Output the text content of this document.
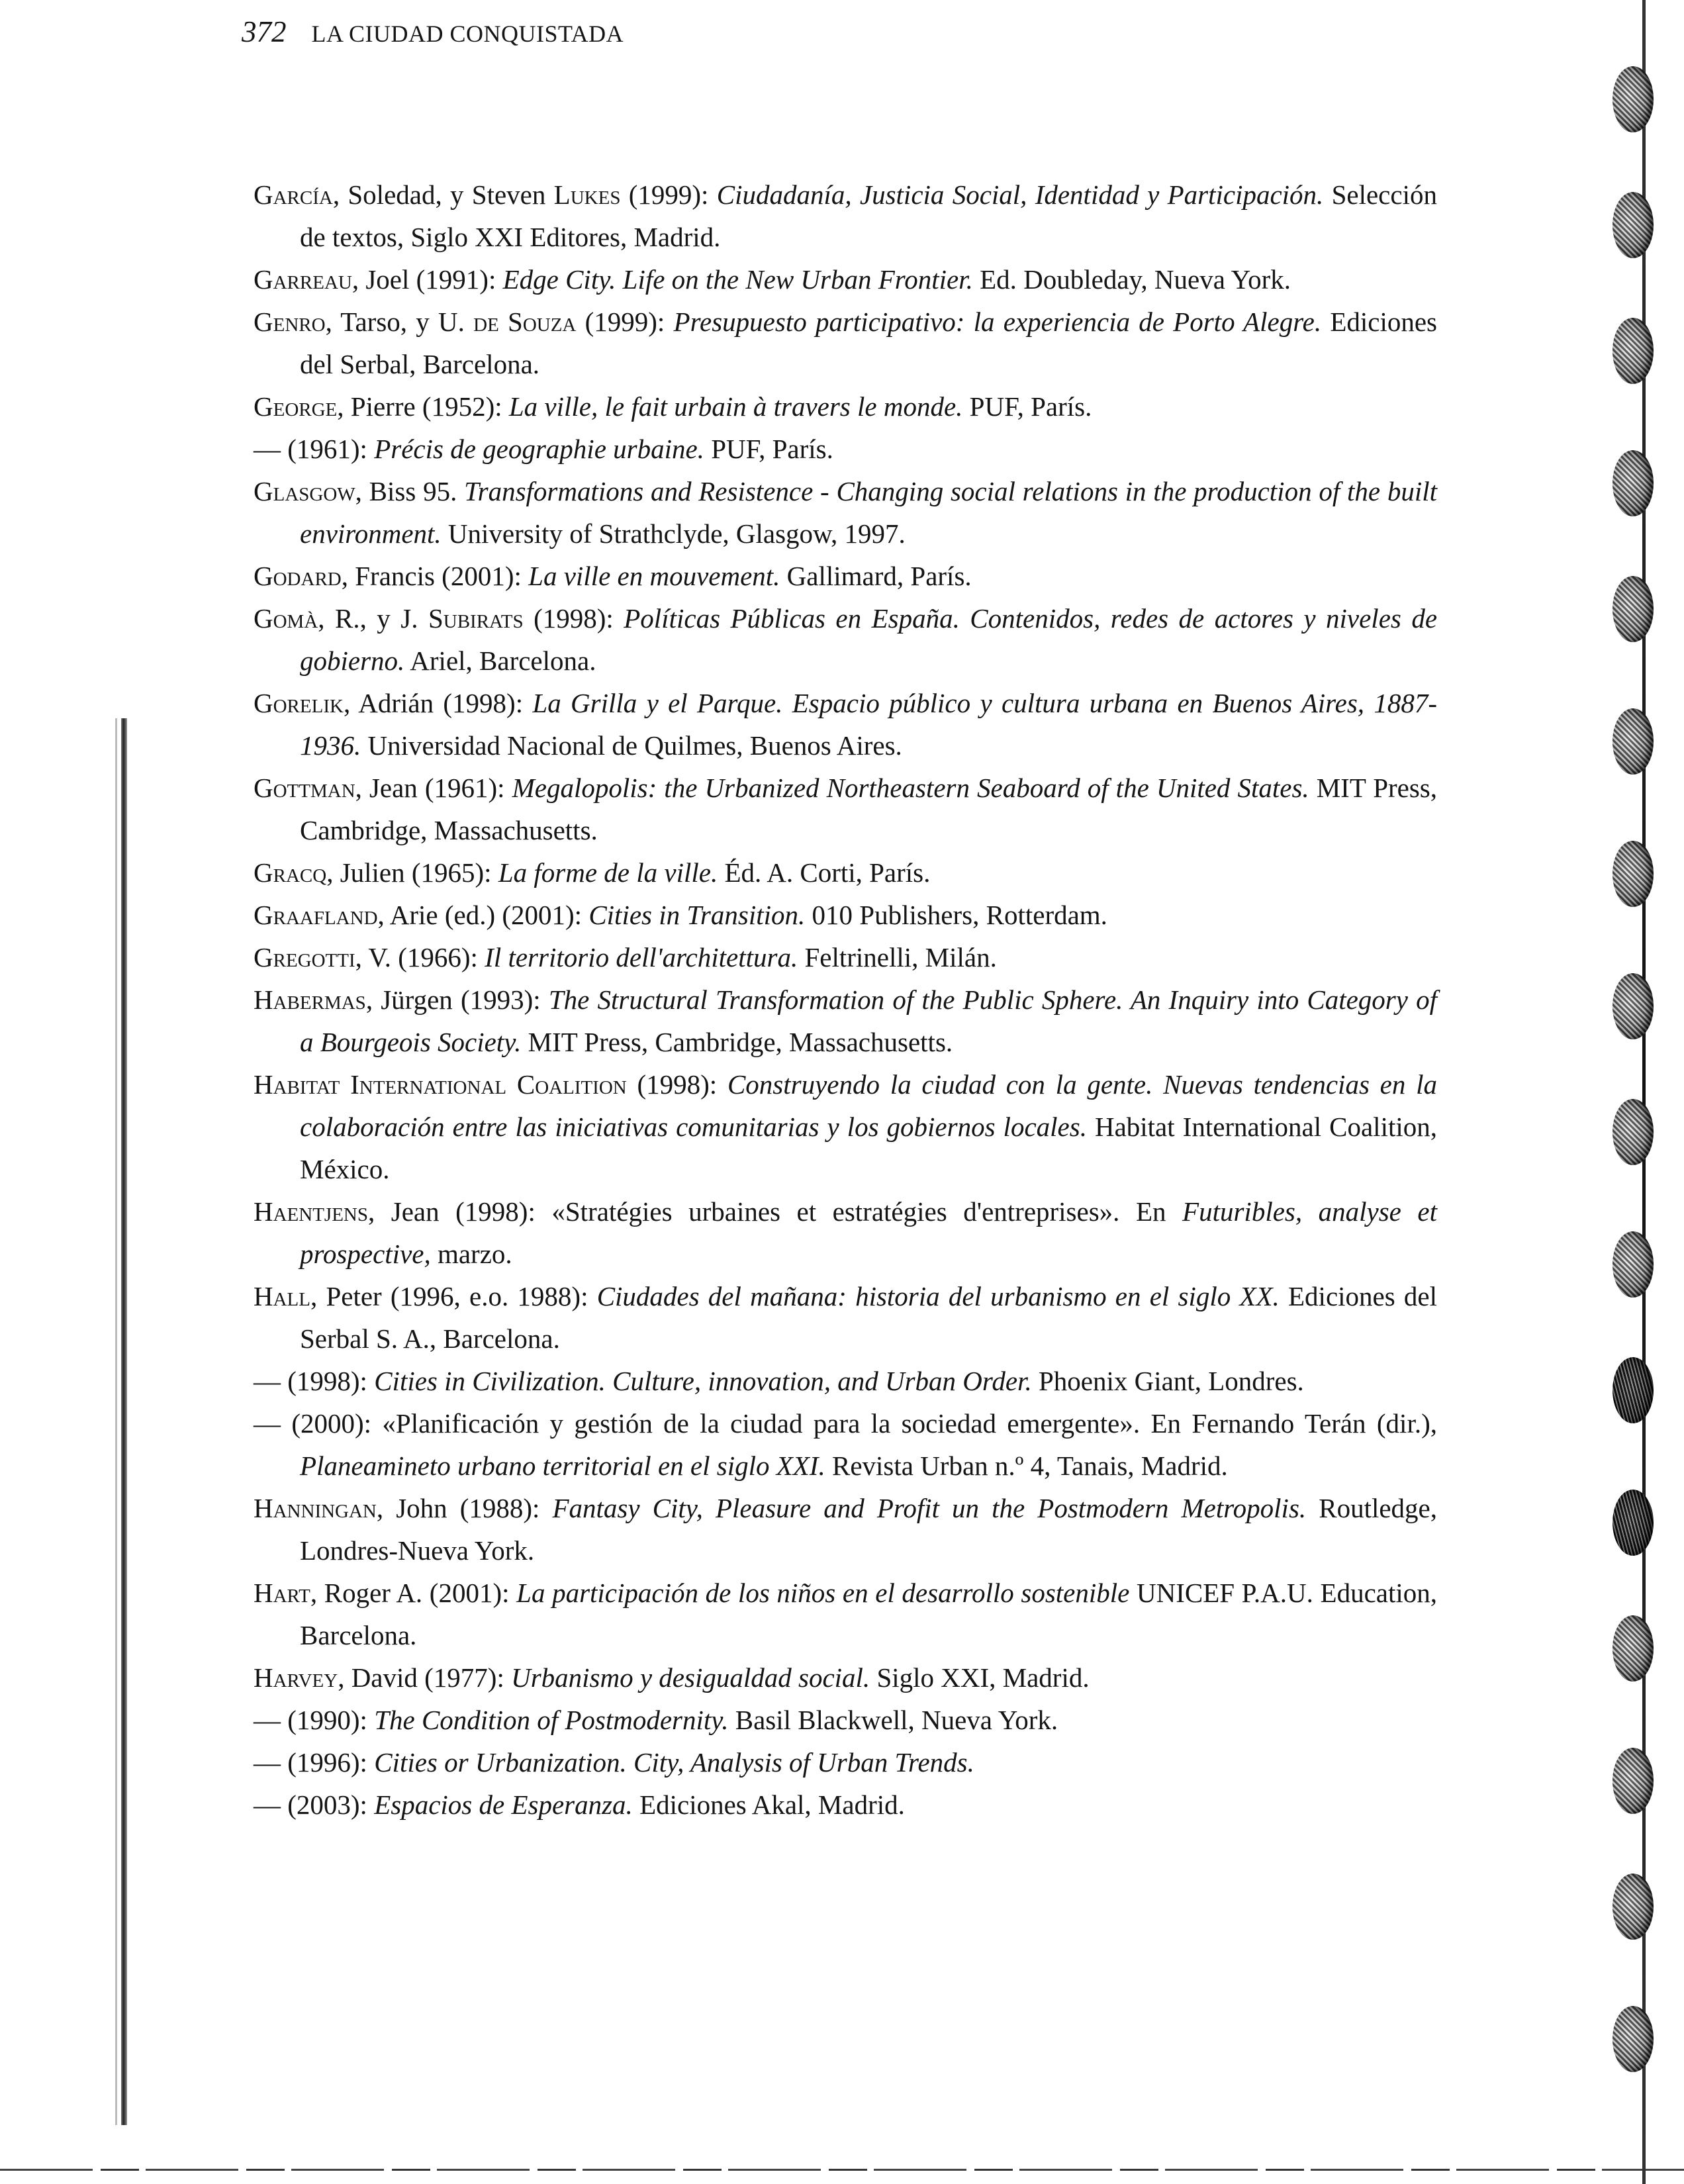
372 LA CIUDAD CONQUISTADA

García, Soledad, y Steven Lukes (1999): Ciudadanía, Justicia Social, Identidad y Participación. Selección de textos, Siglo XXI Editores, Madrid.

Garreau, Joel (1991): Edge City. Life on the New Urban Frontier. Ed. Doubleday, Nueva York.

Genro, Tarso, y U. de Souza (1999): Presupuesto participativo: la experiencia de Porto Alegre. Ediciones del Serbal, Barcelona.

George, Pierre (1952): La ville, le fait urbain à travers le monde. PUF, París.

— (1961): Précis de geographie urbaine. PUF, París.

Glasgow, Biss 95. Transformations and Resistence - Changing social relations in the production of the built environment. University of Strathclyde, Glasgow, 1997.

Godard, Francis (2001): La ville en mouvement. Gallimard, París.

Gomà, R., y J. Subirats (1998): Políticas Públicas en España. Contenidos, redes de actores y niveles de gobierno. Ariel, Barcelona.

Gorelik, Adrián (1998): La Grilla y el Parque. Espacio público y cultura urbana en Buenos Aires, 1887-1936. Universidad Nacional de Quilmes, Buenos Aires.

Gottman, Jean (1961): Megalopolis: the Urbanized Northeastern Seaboard of the United States. MIT Press, Cambridge, Massachusetts.

Gracq, Julien (1965): La forme de la ville. Éd. A. Corti, París.

Graafland, Arie (ed.) (2001): Cities in Transition. 010 Publishers, Rotterdam.

Gregotti, V. (1966): Il territorio dell'architettura. Feltrinelli, Milán.

Habermas, Jürgen (1993): The Structural Transformation of the Public Sphere. An Inquiry into Category of a Bourgeois Society. MIT Press, Cambridge, Massachusetts.

Habitat International Coalition (1998): Construyendo la ciudad con la gente. Nuevas tendencias en la colaboración entre las iniciativas comunitarias y los gobiernos locales. Habitat International Coalition, México.

Haentjens, Jean (1998): «Stratégies urbaines et estratégies d'entreprises». En Futuribles, analyse et prospective, marzo.

Hall, Peter (1996, e.o. 1988): Ciudades del mañana: historia del urbanismo en el siglo XX. Ediciones del Serbal S. A., Barcelona.

— (1998): Cities in Civilization. Culture, innovation, and Urban Order. Phoenix Giant, Londres.

— (2000): «Planificación y gestión de la ciudad para la sociedad emergente». En Fernando Terán (dir.), Planeamineto urbano territorial en el siglo XXI. Revista Urban n.º 4, Tanais, Madrid.

Hanningan, John (1988): Fantasy City, Pleasure and Profit un the Postmodern Metropolis. Routledge, Londres-Nueva York.

Hart, Roger A. (2001): La participación de los niños en el desarrollo sostenible UNICEF P.A.U. Education, Barcelona.

Harvey, David (1977): Urbanismo y desigualdad social. Siglo XXI, Madrid.

— (1990): The Condition of Postmodernity. Basil Blackwell, Nueva York.

— (1996): Cities or Urbanization. City, Analysis of Urban Trends.

— (2003): Espacios de Esperanza. Ediciones Akal, Madrid.
